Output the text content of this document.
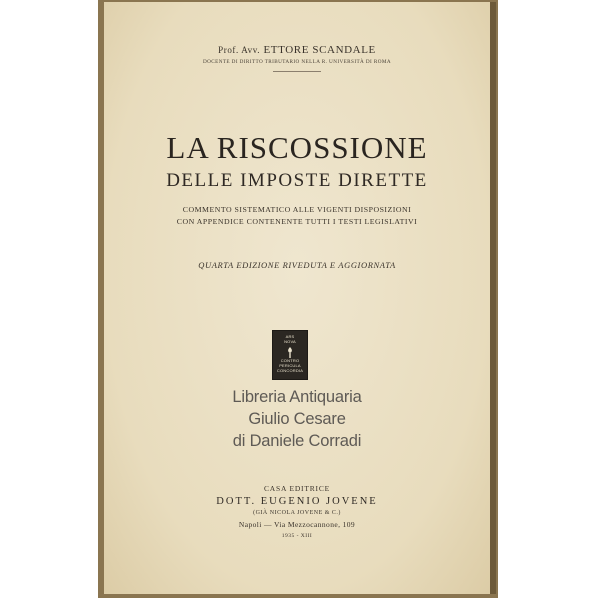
Prof. Avv. ETTORE SCANDALE
DOCENTE DI DIRITTO TRIBUTARIO NELLA R. UNIVERSITÀ DI ROMA
LA RISCOSSIONE
DELLE IMPOSTE DIRETTE
COMMENTO SISTEMATICO ALLE VIGENTI DISPOSIZIONI
CON APPENDICE CONTENENTE TUTTI I TESTI LEGISLATIVI
QUARTA EDIZIONE RIVEDUTA E AGGIORNATA
ARS
NOVA
CONTRO
PERICULA
CONCORDIA
Libreria Antiquaria
Giulio Cesare
di Daniele Corradi
CASA EDITRICE
DOTT. EUGENIO JOVENE
(GIÀ NICOLA JOVENE & C.)
Napoli — Via Mezzocannone, 109
1935 - XIII
